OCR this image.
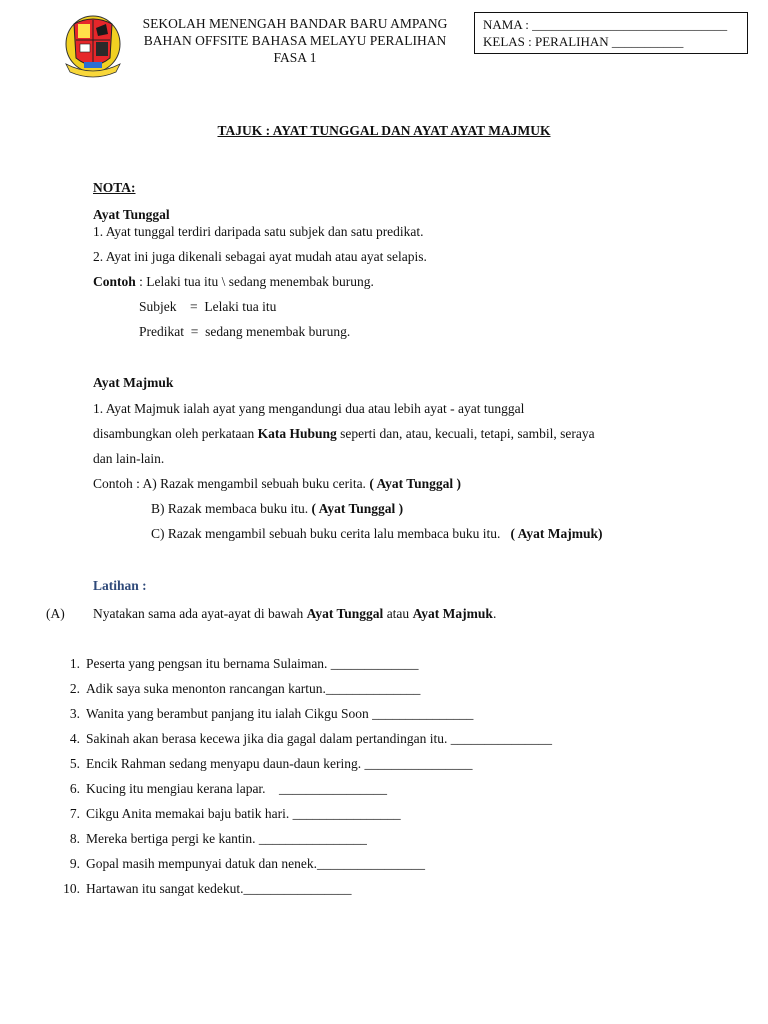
SEKOLAH MENENGAH BANDAR BARU AMPANG
BAHAN OFFSITE BAHASA MELAYU PERALIHAN
FASA 1
NAMA : ______________________________
KELAS : PERALIHAN ___________
TAJUK : AYAT TUNGGAL DAN AYAT AYAT MAJMUK
NOTA:
Ayat Tunggal
1. Ayat tunggal terdiri daripada satu subjek dan satu predikat.
2. Ayat ini juga dikenali sebagai ayat mudah atau ayat selapis.
Contoh : Lelaki tua itu \ sedang menembak burung.
Subjek    =  Lelaki tua itu
Predikat  =  sedang menembak burung.
Ayat Majmuk
1. Ayat Majmuk ialah ayat yang mengandungi dua atau lebih ayat - ayat tunggal
disambungkan oleh perkataan Kata Hubung seperti dan, atau, kecuali, tetapi, sambil, seraya
dan lain-lain.
Contoh : A) Razak mengambil sebuah buku cerita. ( Ayat Tunggal )
B) Razak membaca buku itu. ( Ayat Tunggal )
C) Razak mengambil sebuah buku cerita lalu membaca buku itu.   ( Ayat Majmuk)
Latihan :
(A) Nyatakan sama ada ayat-ayat di bawah Ayat Tunggal atau Ayat Majmuk.
1. Peserta yang pengsan itu bernama Sulaiman. _____________
2. Adik saya suka menonton rancangan kartun.______________
3. Wanita yang berambut panjang itu ialah Cikgu Soon _______________
4. Sakinah akan berasa kecewa jika dia gagal dalam pertandingan itu. _______________
5. Encik Rahman sedang menyapu daun-daun kering. ________________
6. Kucing itu mengiau kerana lapar.    ________________
7. Cikgu Anita memakai baju batik hari. ________________
8. Mereka bertiga pergi ke kantin. ________________
9. Gopal masih mempunyai datuk dan nenek.________________
10. Hartawan itu sangat kedekut.________________
